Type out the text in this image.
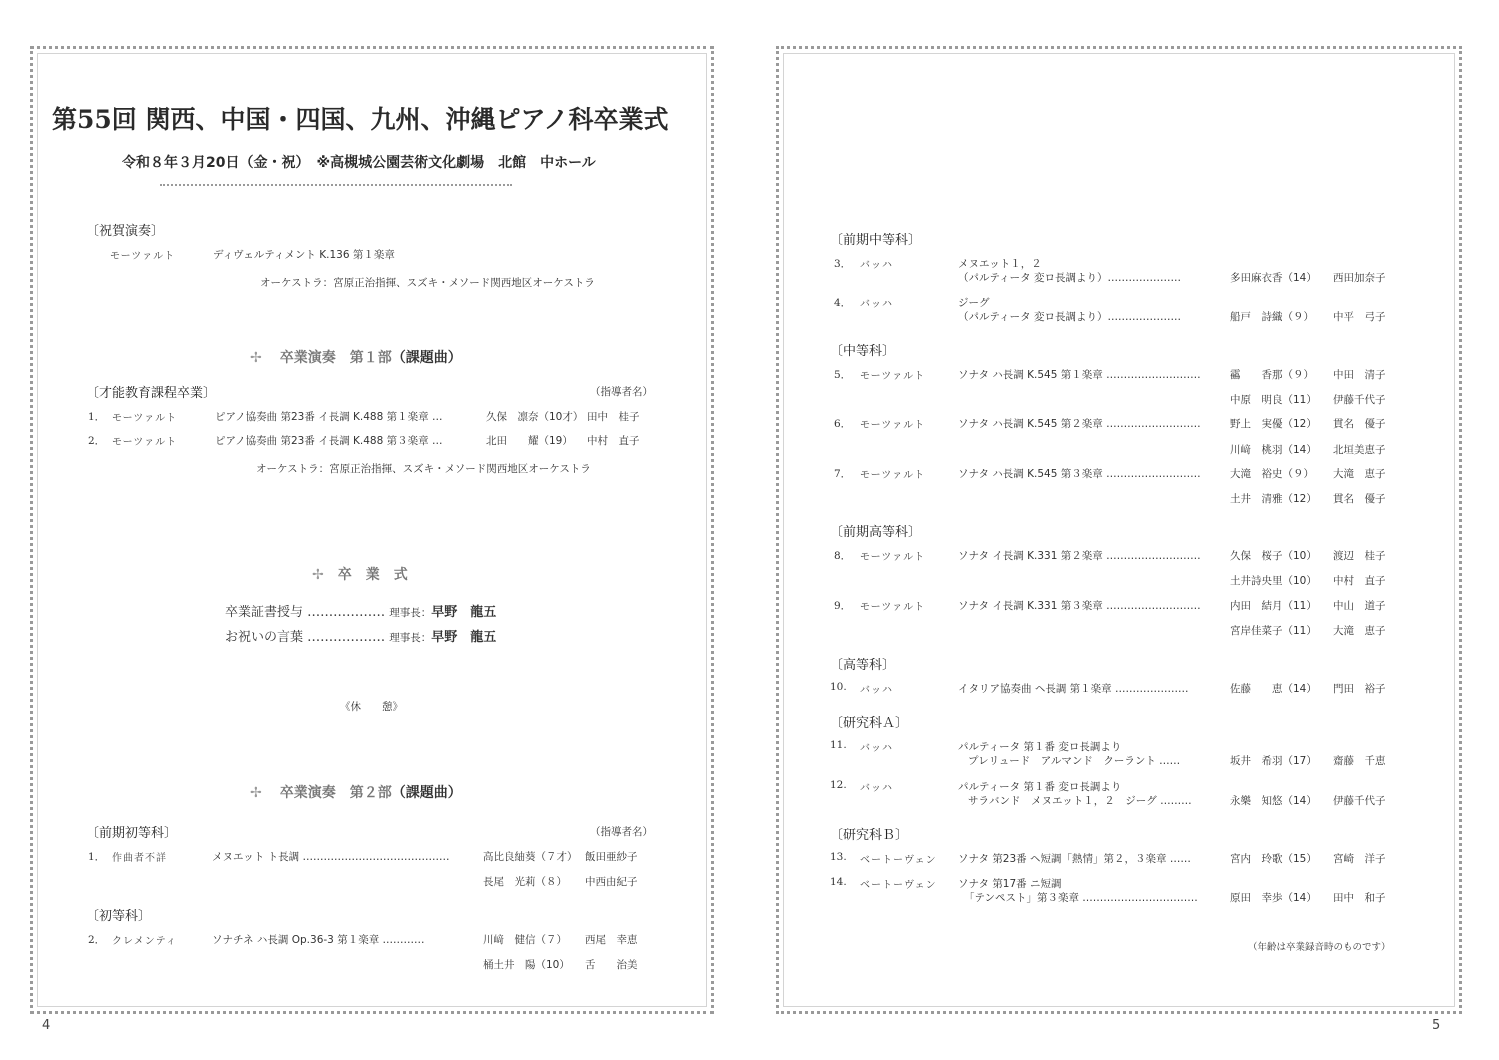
第55回 関西、中国・四国、九州、沖縄ピアノ科卒業式
令和８年３月20日（金・祝）　※高槻城公園芸術文化劇場　北館　中ホール
〔祝賀演奏〕
モーツァルト	ディヴェルティメント K.136 第１楽章
オーケストラ：宮原正治指揮、スズキ・メソード関西地区オーケストラ
✢ 卒業演奏　第１部（課題曲）
〔才能教育課程卒業〕	（指導者名）
1． モーツァルト	ピアノ協奏曲 第23番 イ長調 K.488 第１楽章 …	久保　凛奈（10才） 田中　桂子
2． モーツァルト	ピアノ協奏曲 第23番 イ長調 K.488 第３楽章 …	北田　　耀（19） 中村　直子
オーケストラ：宮原正治指揮、スズキ・メソード関西地区オーケストラ
✢ 卒　業　式
卒業証書授与 ……………… 理事長：早野　龍五
お祝いの言葉 ……………… 理事長：早野　龍五
《休　　憩》
✢ 卒業演奏　第２部（課題曲）
〔前期初等科〕	（指導者名）
1． 作曲者不詳	メヌエット ト長調 ……………………………………	高比良紬葵（７才） 飯田亜紗子
長尾　光莉（８） 中西由紀子
〔初等科〕
2． クレメンティ	ソナチネ ハ長調 Op.36-3 第１楽章 …………	川﨑　健信（７） 西尾　幸恵
桶土井　陽（10） 舌　　治美
4
〔前期中等科〕
3． バッハ	メヌエット１，２
（パルティータ 変ロ長調より）…………………	多田麻衣香（14） 西田加奈子
4． バッハ	ジーグ
（パルティータ 変ロ長調より）…………………	船戸　詩織（９） 中平　弓子
〔中等科〕
5． モーツァルト	ソナタ ハ長調 K.545 第１楽章 ………………………	靍　　香那（９） 中田　清子
中原　明良（11） 伊藤千代子
6． モーツァルト	ソナタ ハ長調 K.545 第２楽章 ………………………	野上　実優（12） 貫名　優子
川﨑　桃羽（14） 北垣美恵子
7． モーツァルト	ソナタ ハ長調 K.545 第３楽章 ………………………	大滝　裕史（９） 大滝　恵子
土井　清雅（12） 貫名　優子
〔前期高等科〕
8． モーツァルト	ソナタ イ長調 K.331 第２楽章 ………………………	久保　桜子（10） 渡辺　桂子
土井詩央里（10） 中村　直子
9． モーツァルト	ソナタ イ長調 K.331 第３楽章 ………………………	内田　結月（11） 中山　道子
宮岸佳菜子（11） 大滝　恵子
〔高等科〕
10. バッハ	イタリア協奏曲 ヘ長調 第１楽章 …………………	佐藤　　恵（14） 門田　裕子
〔研究科Ａ〕
11. バッハ	パルティータ 第１番 変ロ長調より
プレリュード　アルマンド　クーラント ……	坂井　希羽（17） 齋藤　千恵
12. バッハ	パルティータ 第１番 変ロ長調より
サラバンド　メヌエット１，２　ジーグ ………	永樂　知悠（14） 伊藤千代子
〔研究科Ｂ〕
13. ベートーヴェン ソナタ 第23番 ヘ短調「熱情」第２，３楽章 ……	宮内　玲歌（15） 宮崎　洋子
14. ベートーヴェン ソナタ 第17番 ニ短調
「テンペスト」第３楽章 ……………………………	原田　幸歩（14） 田中　和子
（年齢は卒業録音時のものです）
5
